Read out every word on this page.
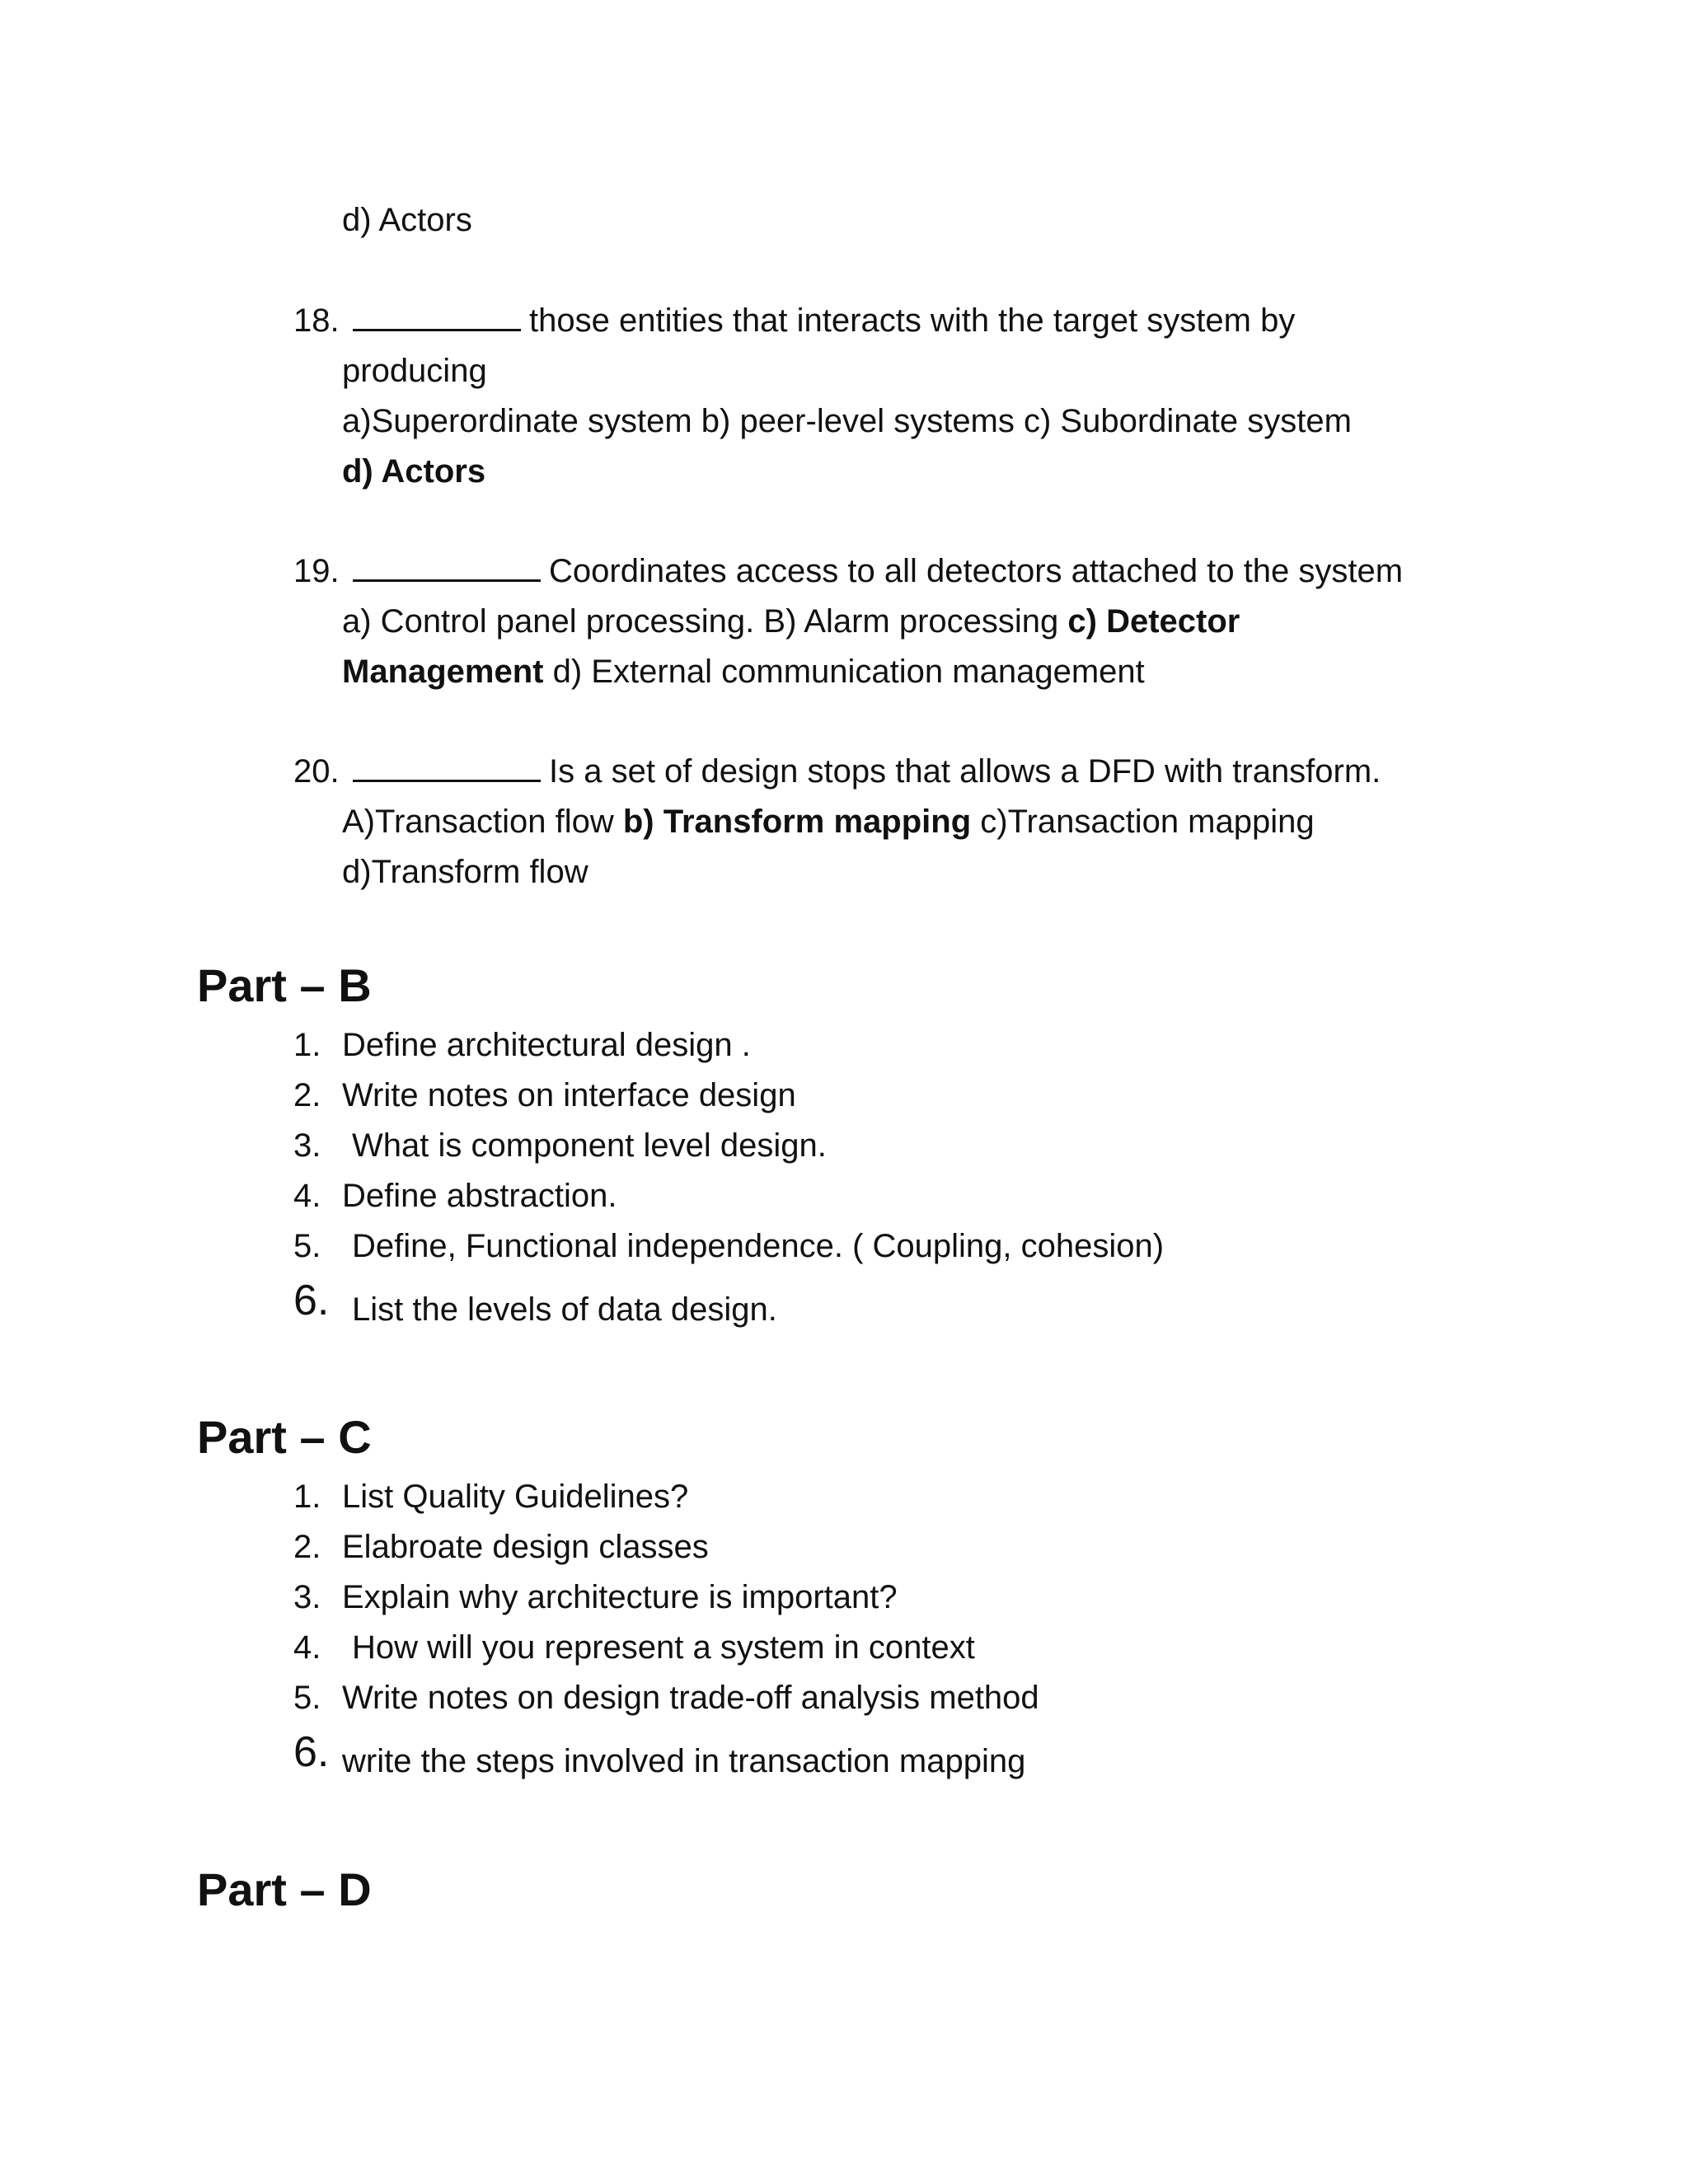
d) Actors
18.	those entities that interacts with the target system by
producing
a)Superordinate system b) peer-level systems c) Subordinate system
d) Actors
19.	Coordinates access to all detectors attached to the system
a) Control panel processing. B) Alarm processing c) Detector
Management d) External communication management
20.	Is a set of design stops that allows a DFD with transform.
A)Transaction flow b) Transform mapping c)Transaction mapping
d)Transform flow
Part – B
1. Define architectural design .
2. Write notes on interface design
3. What is component level design.
4. Define abstraction.
5. Define, Functional independence. ( Coupling, cohesion)
6. List the levels of data design.
Part – C
1. List Quality Guidelines?
2. Elabroate design classes
3. Explain why architecture is important?
4. How will you represent a system in context
5. Write notes on design trade-off analysis method
6. write the steps involved in transaction mapping
Part – D
